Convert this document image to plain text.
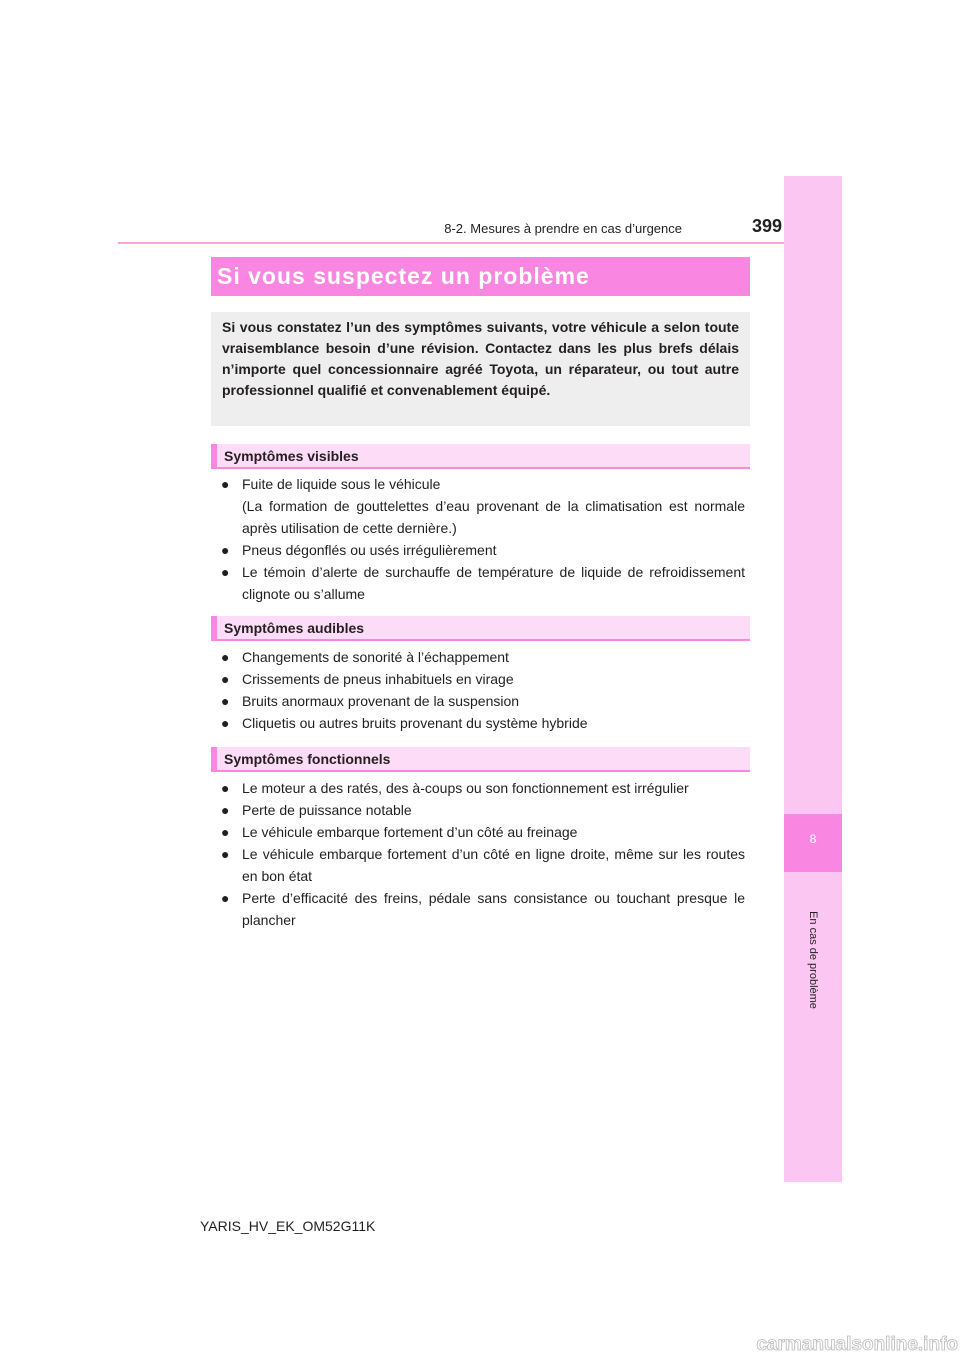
8-2. Mesures à prendre en cas d’urgence	399
8
En cas de problème
Si vous suspectez un problème
Si vous constatez l’un des symptômes suivants, votre véhicule a selon toute vraisemblance besoin d’une révision. Contactez dans les plus brefs délais n’importe quel concessionnaire agréé Toyota, un réparateur, ou tout autre professionnel qualifié et convenablement équipé.
Symptômes visibles
● Fuite de liquide sous le véhicule
(La formation de gouttelettes d’eau provenant de la climatisation est normale après utilisation de cette dernière.)
● Pneus dégonflés ou usés irrégulièrement
● Le témoin d’alerte de surchauffe de température de liquide de refroidissement clignote ou s’allume
Symptômes audibles
● Changements de sonorité à l’échappement
● Crissements de pneus inhabituels en virage
● Bruits anormaux provenant de la suspension
● Cliquetis ou autres bruits provenant du système hybride
Symptômes fonctionnels
● Le moteur a des ratés, des à-coups ou son fonctionnement est irrégulier
● Perte de puissance notable
● Le véhicule embarque fortement d’un côté au freinage
● Le véhicule embarque fortement d’un côté en ligne droite, même sur les routes en bon état
● Perte d’efficacité des freins, pédale sans consistance ou touchant presque le plancher
YARIS_HV_EK_OM52G11K
carmanualsonline.info
